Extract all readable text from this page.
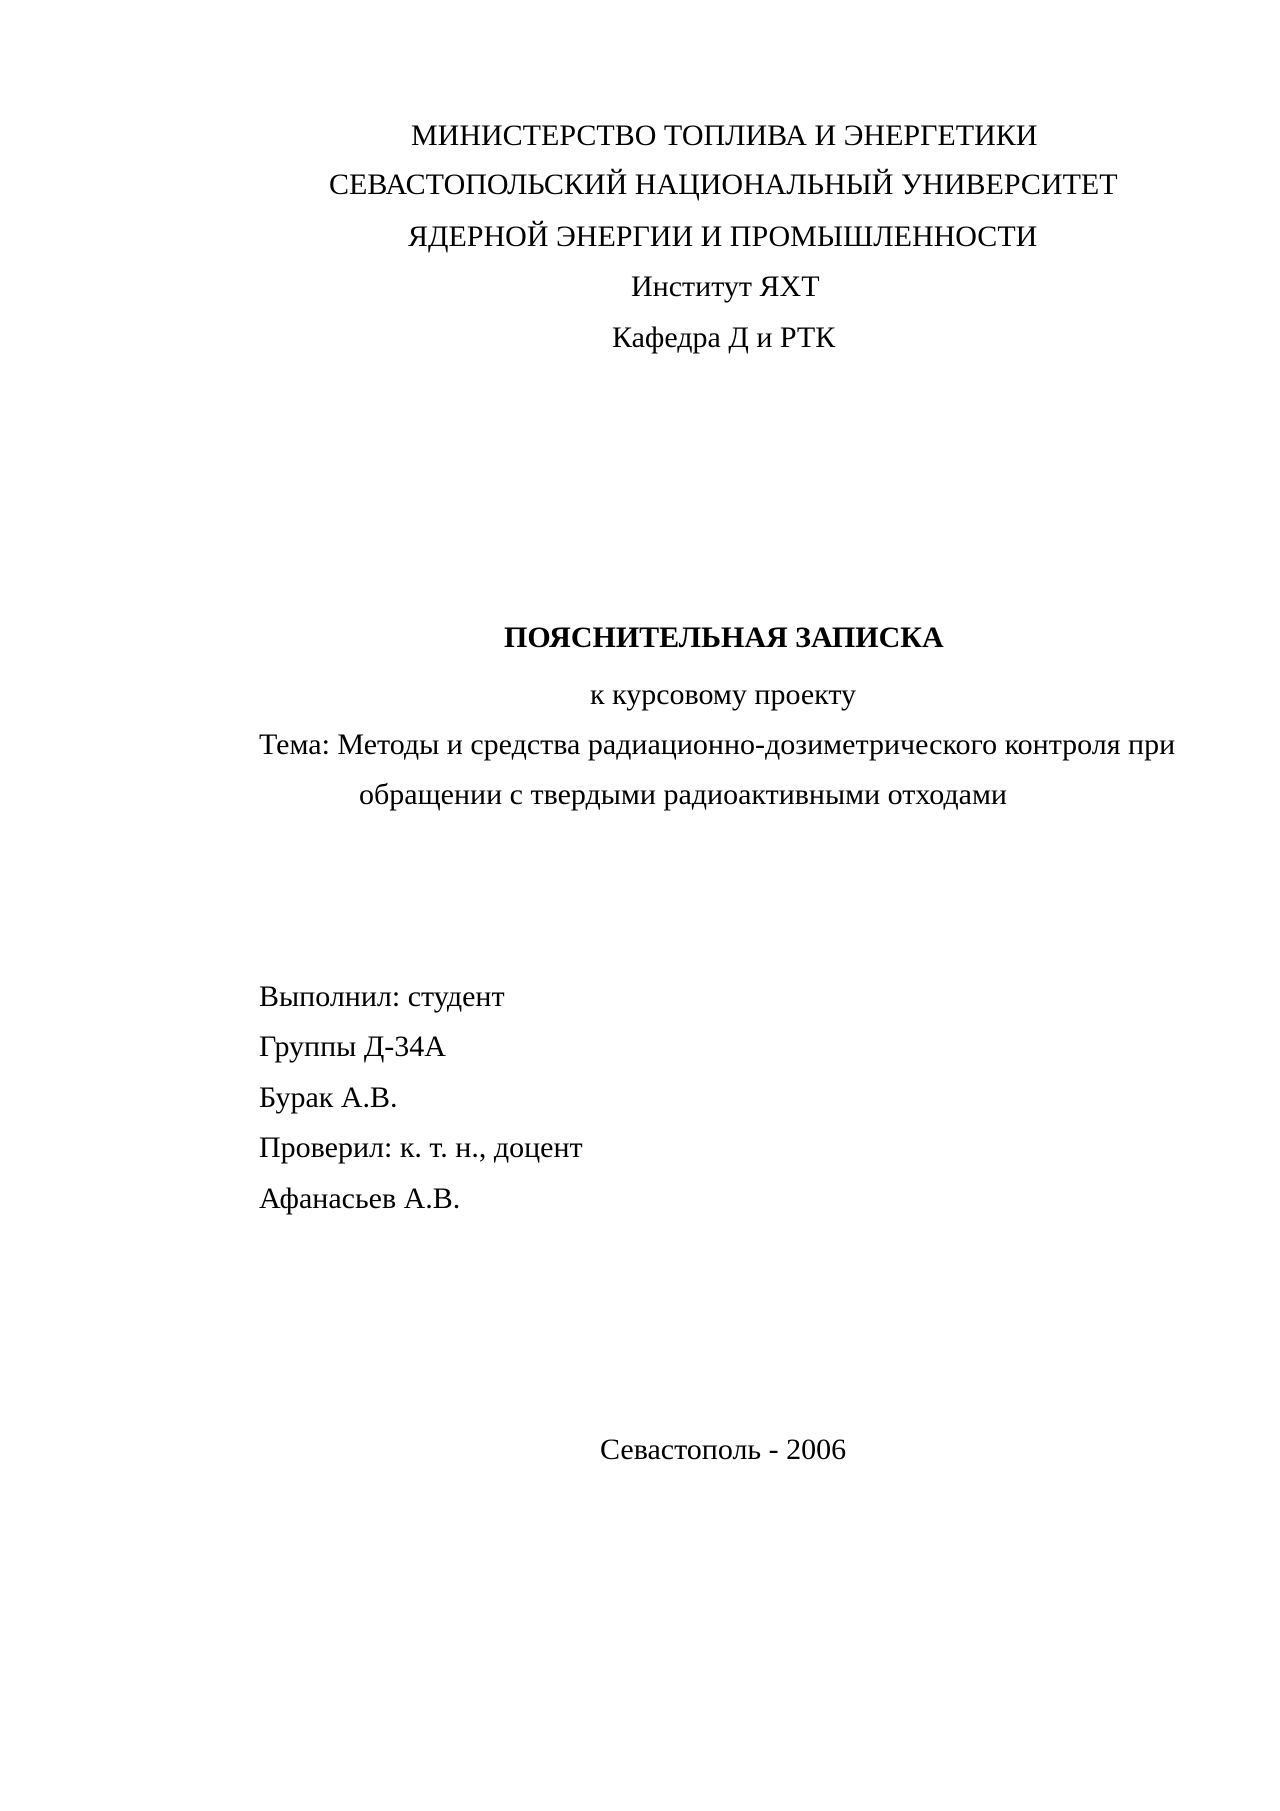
МИНИСТЕРСТВО ТОПЛИВА И ЭНЕРГЕТИКИ
СЕВАСТОПОЛЬСКИЙ НАЦИОНАЛЬНЫЙ УНИВЕРСИТЕТ
ЯДЕРНОЙ ЭНЕРГИИ И ПРОМЫШЛЕННОСТИ
Институт ЯХТ
Кафедра Д и РТК
ПОЯСНИТЕЛЬНАЯ ЗАПИСКА
к курсовому проекту
Тема: Методы и средства радиационно-дозиметрического контроля при
обращении с твердыми радиоактивными отходами
Выполнил: студент
Группы Д-34А
Бурак А.В.
Проверил: к. т. н., доцент
Афанасьев А.В.
Севастополь - 2006
